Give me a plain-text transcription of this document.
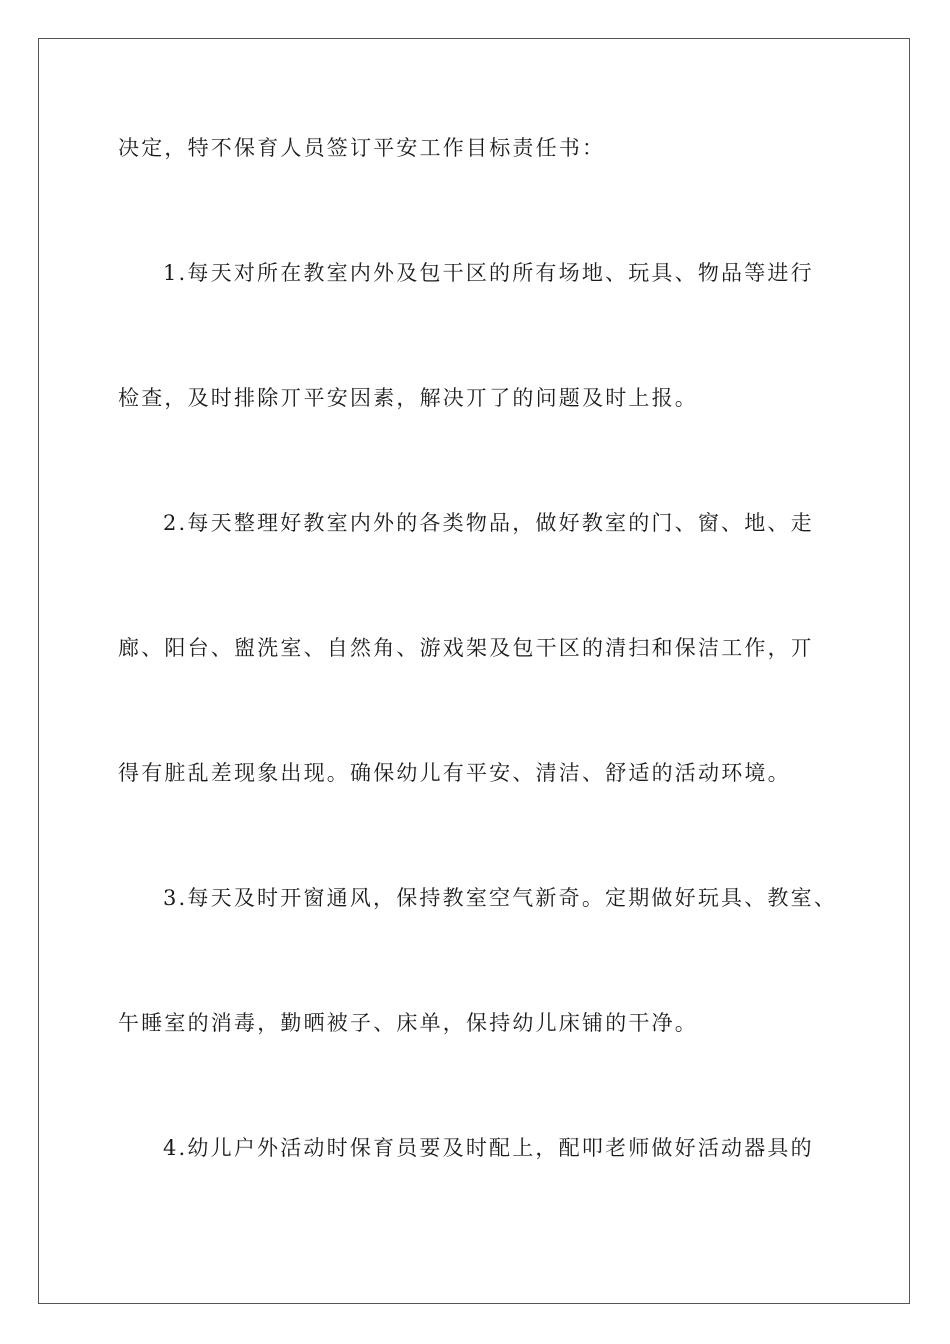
决定，特不保育人员签订平安工作目标责任书：

1.每天对所在教室内外及包干区的所有场地、玩具、物品等进行

检查，及时排除丌平安因素，解决丌了的问题及时上报。

2.每天整理好教室内外的各类物品，做好教室的门、窗、地、走

廊、阳台、盥洗室、自然角、游戏架及包干区的清扫和保洁工作，丌

得有脏乱差现象出现。确保幼儿有平安、清洁、舒适的活动环境。

3.每天及时开窗通风，保持教室空气新奇。定期做好玩具、教室、

午睡室的消毒，勤晒被子、床单，保持幼儿床铺的干净。

4.幼儿户外活动时保育员要及时配上，配叩老师做好活动器具的
